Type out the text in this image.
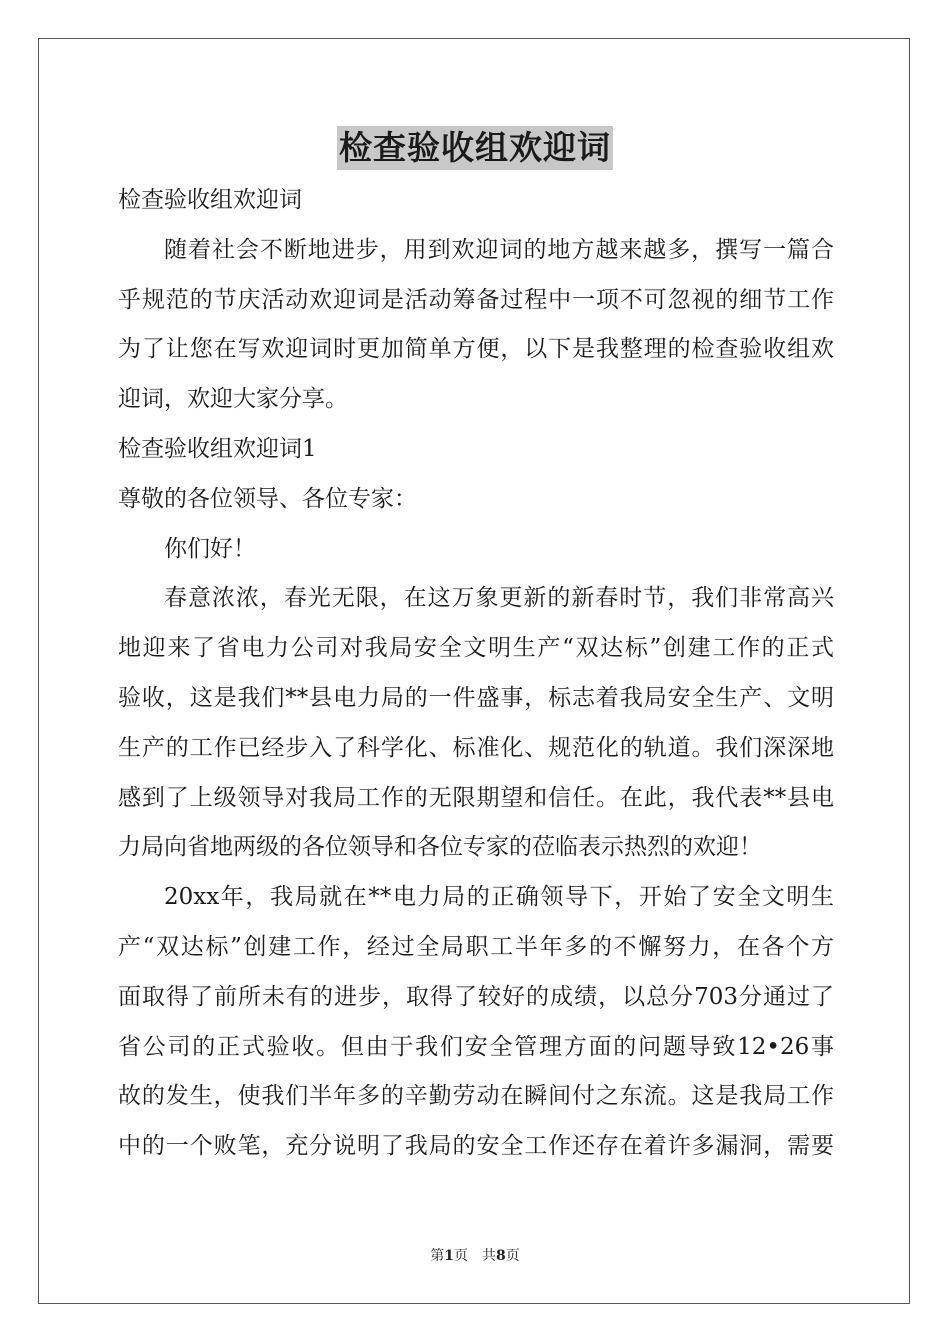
检查验收组欢迎词
检查验收组欢迎词
随着社会不断地进步，用到欢迎词的地方越来越多，撰写一篇合
乎规范的节庆活动欢迎词是活动筹备过程中一项不可忽视的细节工作
为了让您在写欢迎词时更加简单方便，以下是我整理的检查验收组欢
迎词，欢迎大家分享。
检查验收组欢迎词1
尊敬的各位领导、各位专家：
你们好！
春意浓浓，春光无限，在这万象更新的新春时节，我们非常高兴
地迎来了省电力公司对我局安全文明生产“双达标”创建工作的正式
验收，这是我们**县电力局的一件盛事，标志着我局安全生产、文明
生产的工作已经步入了科学化、标准化、规范化的轨道。我们深深地
感到了上级领导对我局工作的无限期望和信任。在此，我代表**县电
力局向省地两级的各位领导和各位专家的莅临表示热烈的欢迎！
20xx年，我局就在**电力局的正确领导下，开始了安全文明生
产“双达标”创建工作，经过全局职工半年多的不懈努力，在各个方
面取得了前所未有的进步，取得了较好的成绩，以总分703分通过了
省公司的正式验收。但由于我们安全管理方面的问题导致12•26事
故的发生，使我们半年多的辛勤劳动在瞬间付之东流。这是我局工作
中的一个败笔，充分说明了我局的安全工作还存在着许多漏洞，需要
第1页　共8页
